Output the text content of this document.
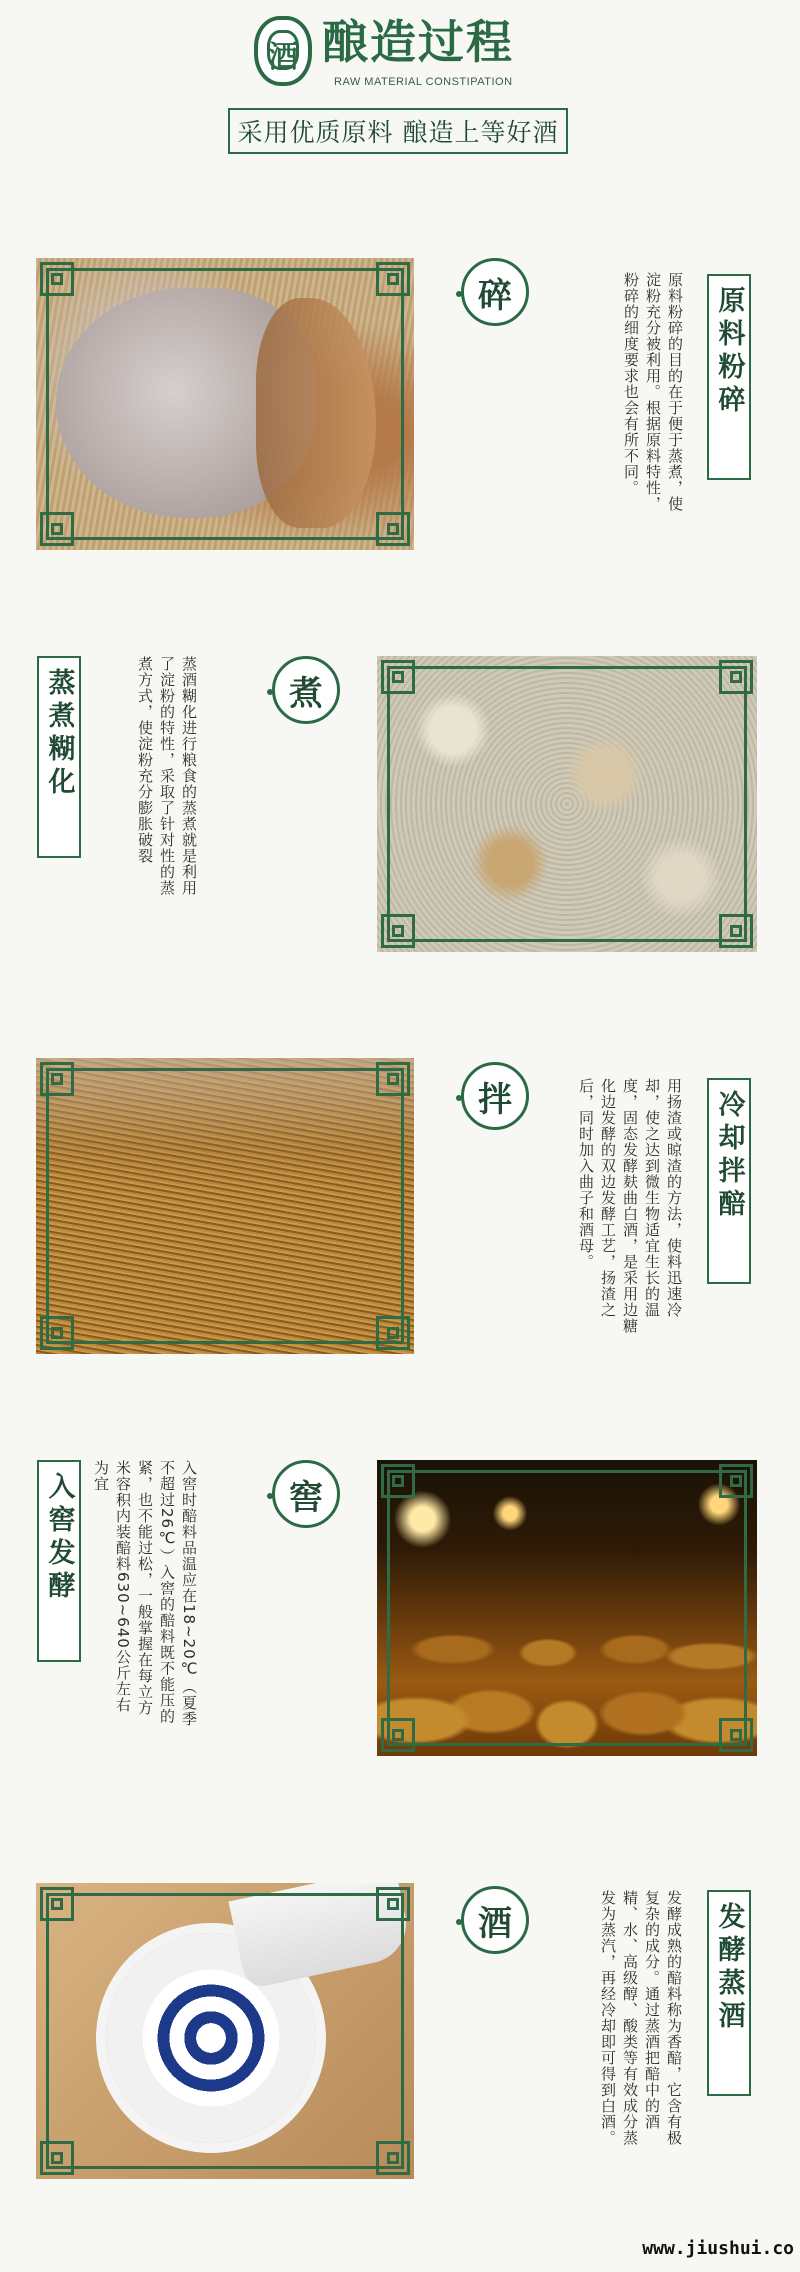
酒 酿造过程
RAW MATERIAL CONSTIPATION
采用优质原料 酿造上等好酒
碎	原料粉碎的目的在于便于蒸煮，使淀粉充分被利用。根据原料特性，粉碎的细度要求也会有所不同。	原料粉碎
蒸煮糊化	蒸酒糊化进行粮食的蒸煮就是利用了淀粉的特性，采取了针对性的蒸煮方式，使淀粉充分膨胀破裂	煮
拌	用扬渣或晾渣的方法，使料迅速冷却，使之达到微生物适宜生长的温度，固态发酵麸曲白酒，是采用边糖化边发酵的双边发酵工艺，扬渣之后，同时加入曲子和酒母。	冷却拌醅
入窖发酵	入窖时醅料品温应在18~20℃（夏季不超过26℃）入窖的醅料既不能压的紧，也不能过松，一般掌握在每立方米容积内装醅料630~640公斤左右为宜
窖
酒	发酵成熟的醅料称为香醅，它含有极复杂的成分。通过蒸酒把醅中的酒精、水、高级醇、酸类等有效成分蒸发为蒸汽，再经冷却即可得到白酒。	发酵蒸酒
www.jiushui.co
